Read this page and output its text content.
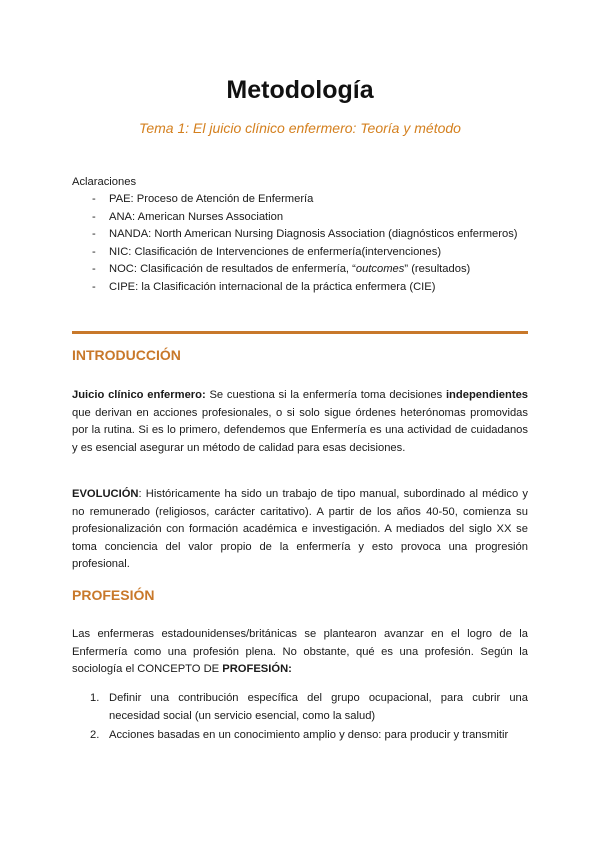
Metodología
Tema 1: El juicio clínico enfermero: Teoría y método
Aclaraciones
- PAE: Proceso de Atención de Enfermería
- ANA: American Nurses Association
- NANDA: North American Nursing Diagnosis Association (diagnósticos enfermeros)
- NIC: Clasificación de Intervenciones de enfermería(intervenciones)
- NOC: Clasificación de resultados de enfermería, “outcomes” (resultados)
- CIPE: la Clasificación internacional de la práctica enfermera (CIE)
INTRODUCCIÓN

Juicio clínico enfermero: Se cuestiona si la enfermería toma decisiones independientes que derivan en acciones profesionales, o si solo sigue órdenes heterónomas promovidas por la rutina. Si es lo primero, defendemos que Enfermería es una actividad de cuidadanos y es esencial asegurar un método de calidad para esas decisiones.

EVOLUCIÓN: Históricamente ha sido un trabajo de tipo manual, subordinado al médico y no remunerado (religiosos, carácter caritativo). A partir de los años 40-50, comienza su profesionalización con formación académica e investigación. A mediados del siglo XX se toma conciencia del valor propio de la enfermería y esto provoca una progresión profesional.

PROFESIÓN

Las enfermeras estadounidenses/británicas se plantearon avanzar en el logro de la Enfermería como una profesión plena. No obstante, qué es una profesión. Según la sociología el CONCEPTO DE PROFESIÓN:

1. Definir una contribución específica del grupo ocupacional, para cubrir una necesidad social (un servicio esencial, como la salud)
2. Acciones basadas en un conocimiento amplio y denso: para producir y transmitir
